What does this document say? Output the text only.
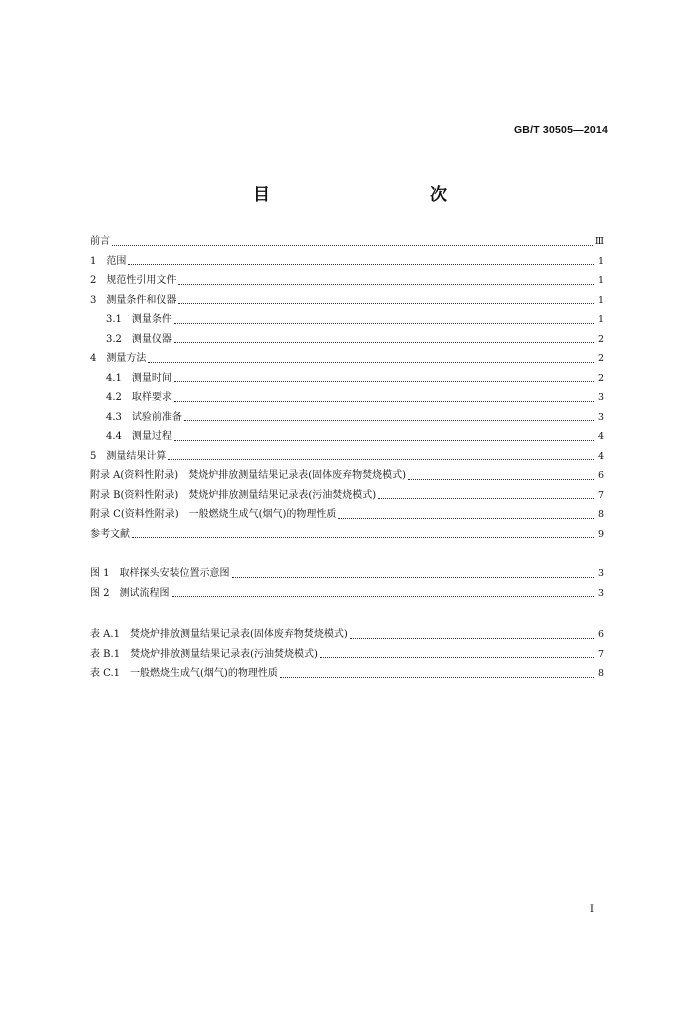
GB/T 30505—2014
目　　次
前言	Ⅲ
1　范围	1
2　规范性引用文件	1
3　测量条件和仪器	1
3.1　测量条件	1
3.2　测量仪器	2
4　测量方法	2
4.1　测量时间	2
4.2　取样要求	3
4.3　试验前准备	3
4.4　测量过程	4
5　测量结果计算	4
附录 A(资料性附录)　焚烧炉排放测量结果记录表(固体废弃物焚烧模式)	6
附录 B(资料性附录)　焚烧炉排放测量结果记录表(污油焚烧模式)	7
附录 C(资料性附录)　一般燃烧生成气(烟气)的物理性质	8
参考文献	9
图 1　取样探头安装位置示意图	3
图 2　测试流程图	3
表 A.1　焚烧炉排放测量结果记录表(固体废弃物焚烧模式)	6
表 B.1　焚烧炉排放测量结果记录表(污油焚烧模式)	7
表 C.1　一般燃烧生成气(烟气)的物理性质	8
I
